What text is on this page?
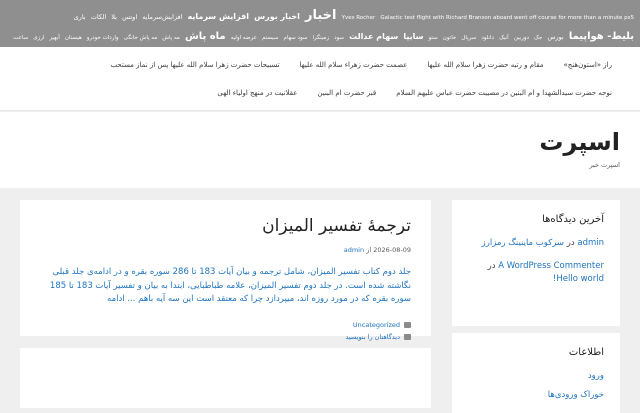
Yves Rocher Galactic test flight with Richard Branson aboard went off course for more than a minute ps5 اخبار اخبار بورس افزایش سرمایه افزایش‌سرمایه اوتس بلا الکات باری بلیط- هواپیما بورس جک دوربین آنیک دانلود سرپال خاتون ستو سایپا سهام عدالت سود زمینگرا سود سهام سیستم عرضه اولیه ماه پاش مه پاش مه پاش خانگی واردات خودرو هیستان آبهیر ارزی ساعت
راز «استون‌هنج»
مقام و رتبه حضرت زهرا سلام الله علیها
عصمت حضرت زهراء سلام الله علیها
تسبیحات حضرت زهرا سلام الله علیها پس از نماز مستحب
نوحه حضرت سیدالشهدا و ام البنین در مصیبت حضرت عباس علیهم السلام
قبر حضرت ام البنین
عقلانیت در منهج اولیاء الهی
اسپرت
اسپرت خبر
ترجمۀ تفسیر المیزان
2026-08-09 از admin

جلد دوم کتاب تفسیر المیزان، شامل ترجمه و بیان آیات 183 تا 286 سوره بقره و در ادامه‌ی جلد قبلی نگاشته شده است. در جلد دوم تفسیر المیزان، علامه طباطبایی، ابتدا به بیان و تفسیر آیات 183 تا 185 سوره بقره که در مورد روزه اند، میپردازد چرا که معتقد است این سه آیه باهم ... ادامه

Uncategorized
دیدگاهتان را بنویسید
آخرین دیدگاه‌ها
admin در سرکوب ماینینگ رمزارز
A WordPress Commenter در Hello world!
اطلاعات
ورود
خوراک ورودی‌ها
